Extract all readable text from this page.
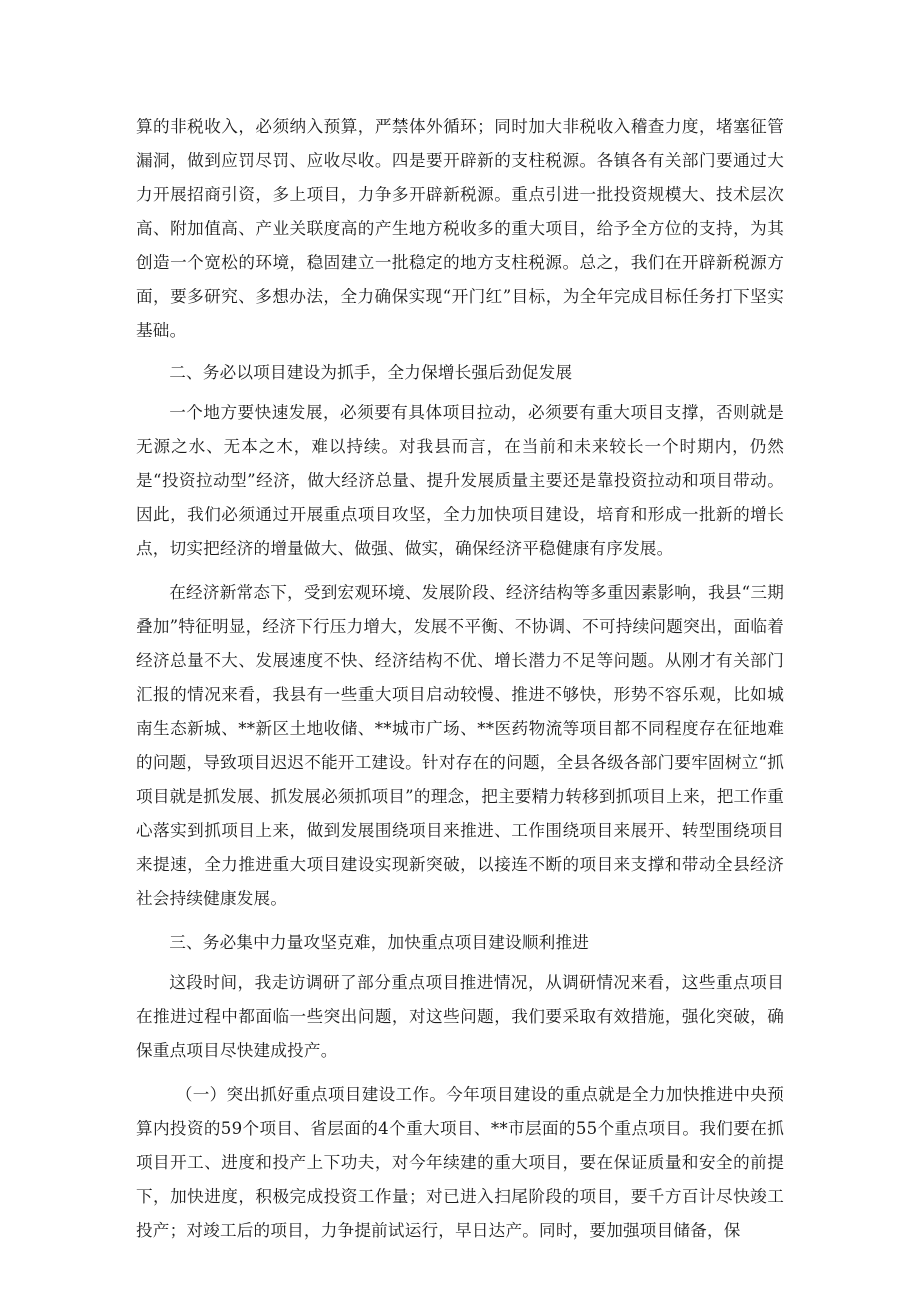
算的非税收入，必须纳入预算，严禁体外循环；同时加大非税收入稽查力度，堵塞征管漏洞，做到应罚尽罚、应收尽收。四是要开辟新的支柱税源。各镇各有关部门要通过大力开展招商引资，多上项目，力争多开辟新税源。重点引进一批投资规模大、技术层次高、附加值高、产业关联度高的产生地方税收多的重大项目，给予全方位的支持，为其创造一个宽松的环境，稳固建立一批稳定的地方支柱税源。总之，我们在开辟新税源方面，要多研究、多想办法，全力确保实现“开门红”目标，为全年完成目标任务打下坚实基础。

二、务必以项目建设为抓手，全力保增长强后劲促发展

一个地方要快速发展，必须要有具体项目拉动，必须要有重大项目支撑，否则就是无源之水、无本之木，难以持续。对我县而言，在当前和未来较长一个时期内，仍然是“投资拉动型”经济，做大经济总量、提升发展质量主要还是靠投资拉动和项目带动。因此，我们必须通过开展重点项目攻坚，全力加快项目建设，培育和形成一批新的增长点，切实把经济的增量做大、做强、做实，确保经济平稳健康有序发展。

在经济新常态下，受到宏观环境、发展阶段、经济结构等多重因素影响，我县“三期叠加”特征明显，经济下行压力增大，发展不平衡、不协调、不可持续问题突出，面临着经济总量不大、发展速度不快、经济结构不优、增长潜力不足等问题。从刚才有关部门汇报的情况来看，我县有一些重大项目启动较慢、推进不够快，形势不容乐观，比如城南生态新城、**新区土地收储、**城市广场、**医药物流等项目都不同程度存在征地难的问题，导致项目迟迟不能开工建设。针对存在的问题，全县各级各部门要牢固树立“抓项目就是抓发展、抓发展必须抓项目”的理念，把主要精力转移到抓项目上来，把工作重心落实到抓项目上来，做到发展围绕项目来推进、工作围绕项目来展开、转型围绕项目来提速，全力推进重大项目建设实现新突破，以接连不断的项目来支撑和带动全县经济社会持续健康发展。

三、务必集中力量攻坚克难，加快重点项目建设顺利推进

这段时间，我走访调研了部分重点项目推进情况，从调研情况来看，这些重点项目在推进过程中都面临一些突出问题，对这些问题，我们要采取有效措施，强化突破，确保重点项目尽快建成投产。

（一）突出抓好重点项目建设工作。今年项目建设的重点就是全力加快推进中央预算内投资的59个项目、省层面的4个重大项目、**市层面的55个重点项目。我们要在抓项目开工、进度和投产上下功夫，对今年续建的重大项目，要在保证质量和安全的前提下，加快进度，积极完成投资工作量；对已进入扫尾阶段的项目，要千方百计尽快竣工投产；对竣工后的项目，力争提前试运行，早日达产。同时，要加强项目储备，保
